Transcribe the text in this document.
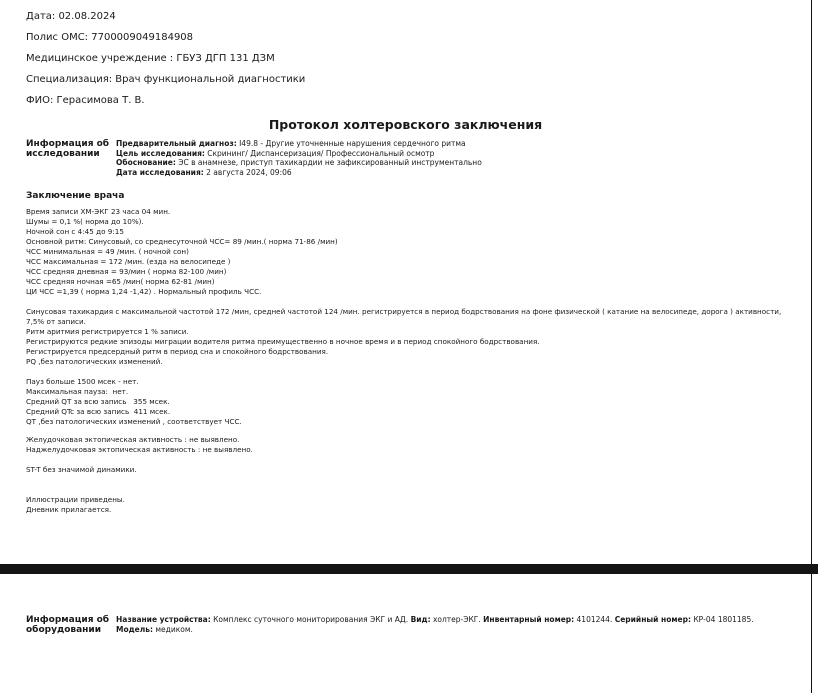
Дата: 02.08.2024
Полис ОМС: 7700009049184908
Медицинское учреждение : ГБУЗ ДГП 131 ДЗМ
Специализация: Врач функциональной диагностики
ФИО: Герасимова Т. В.
Протокол холтеровского заключения
Информация об исследовании
Предварительный диагноз: I49.8 - Другие уточненные нарушения сердечного ритма
Цель исследования: Скрининг/ Диспансеризация/ Профессиональный осмотр
Обоснование: ЭС в анамнезе, приступ тахикардии не зафиксированный инструментально
Дата исследования: 2 августа 2024, 09:06
Заключение врача
Время записи ХМ-ЭКГ 23 часа 04 мин.
Шумы = 0,1 %( норма до 10%).
Ночной сон с 4:45 до 9:15
Основной ритм: Синусовый, со среднесуточной ЧСС= 89 /мин.( норма 71-86 /мин)
ЧСС минимальная = 49 /мин. ( ночной сон)
ЧСС максимальная = 172 /мин. (езда на велосипеде )
ЧСС средняя дневная = 93/мин ( норма 82-100 /мин)
ЧСС средняя ночная =65 /мин( норма 62-81 /мин)
ЦИ ЧСС =1,39 ( норма 1,24 -1,42) . Нормальный профиль ЧСС.
Синусовая тахикардия с максимальной частотой 172 /мин, средней частотой 124 /мин. регистрируется в период бодрствования на фоне физической ( катание на велосипеде, дорога ) активности, 7,5% от записи.
Ритм аритмия регистрируется 1 % записи.
Регистрируются редкие эпизоды миграции водителя ритма преимущественно в ночное время и в период спокойного бодрствования.
Регистрируется предсердный ритм в период сна и спокойного бодрствования.
PQ ,без патологических изменений.
Пауз больше 1500 мсек - нет.
Максимальная пауза:  нет.
Средний QT за всю запись   355 мсек.
Средний QTc за всю запись  411 мсек.
QT ,без патологических изменений , соответствует ЧСС.
Желудочковая эктопическая активность : не выявлено.
Наджелудочковая эктопическая активность : не выявлено.
ST-T без значимой динамики.
Иллюстрации приведены.
Дневник прилагается.
Информация об оборудовании
Название устройства: Комплекс суточного мониторирования ЭКГ и АД. Вид: холтер-ЭКГ. Инвентарный номер: 4101244. Серийный номер: КР-04 1801185.
Модель: медиком.
